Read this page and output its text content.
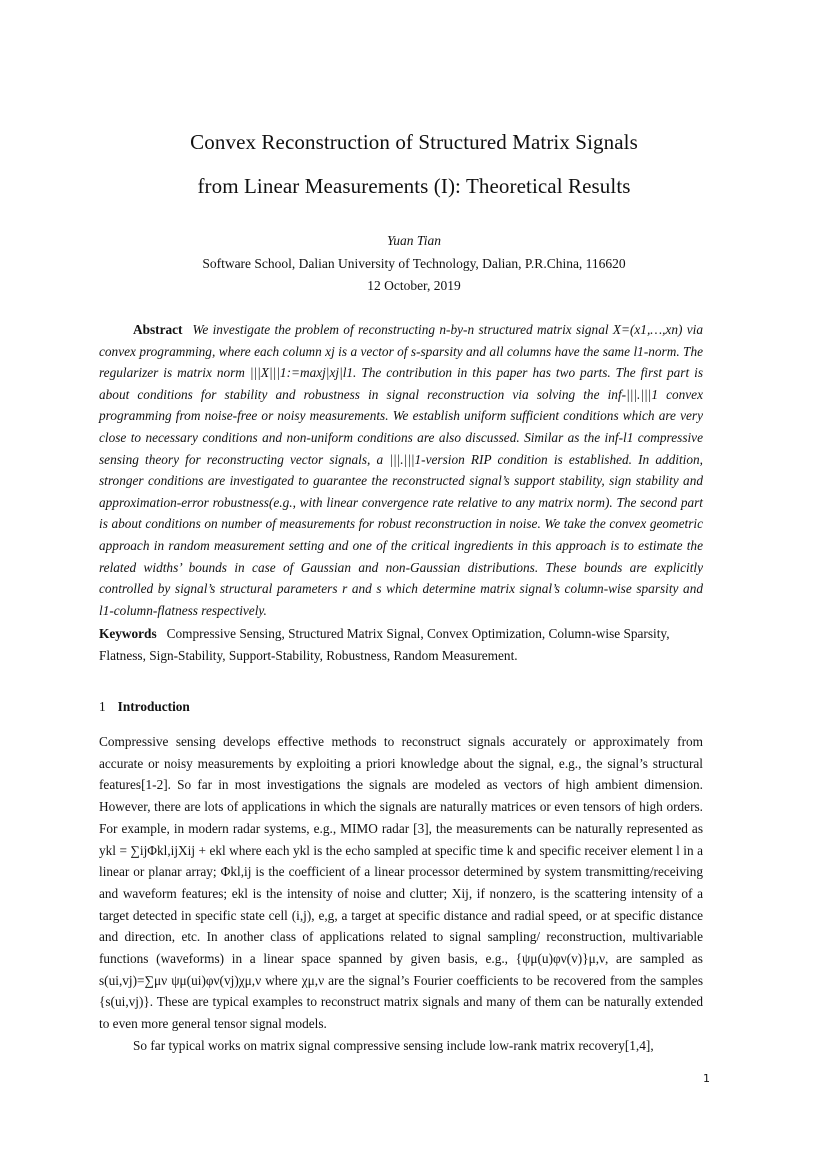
Convex Reconstruction of Structured Matrix Signals
from Linear Measurements (I): Theoretical Results
Yuan Tian
Software School, Dalian University of Technology, Dalian, P.R.China, 116620
12 October, 2019
Abstract We investigate the problem of reconstructing n-by-n structured matrix signal X=(x1,…,xn) via convex programming, where each column xj is a vector of s-sparsity and all columns have the same l1-norm. The regularizer is matrix norm |||X|||1:=maxj|xj|l1. The contribution in this paper has two parts. The first part is about conditions for stability and robustness in signal reconstruction via solving the inf-|||.|||1 convex programming from noise-free or noisy measurements. We establish uniform sufficient conditions which are very close to necessary conditions and non-uniform conditions are also discussed. Similar as the inf-l1 compressive sensing theory for reconstructing vector signals, a |||.|||1-version RIP condition is established. In addition, stronger conditions are investigated to guarantee the reconstructed signal’s support stability, sign stability and approximation-error robustness(e.g., with linear convergence rate relative to any matrix norm). The second part is about conditions on number of measurements for robust reconstruction in noise. We take the convex geometric approach in random measurement setting and one of the critical ingredients in this approach is to estimate the related widths’ bounds in case of Gaussian and non-Gaussian distributions. These bounds are explicitly controlled by signal’s structural parameters r and s which determine matrix signal’s column-wise sparsity and l1-column-flatness respectively.
Keywords Compressive Sensing, Structured Matrix Signal, Convex Optimization, Column-wise Sparsity, Flatness, Sign-Stability, Support-Stability, Robustness, Random Measurement.
1 Introduction
Compressive sensing develops effective methods to reconstruct signals accurately or approximately from accurate or noisy measurements by exploiting a priori knowledge about the signal, e.g., the signal’s structural features[1-2]. So far in most investigations the signals are modeled as vectors of high ambient dimension. However, there are lots of applications in which the signals are naturally matrices or even tensors of high orders. For example, in modern radar systems, e.g., MIMO radar [3], the measurements can be naturally represented as ykl = ∑ijΦkl,ijXij + ekl where each ykl is the echo sampled at specific time k and specific receiver element l in a linear or planar array; Φkl,ij is the coefficient of a linear processor determined by system transmitting/receiving and waveform features; ekl is the intensity of noise and clutter; Xij, if nonzero, is the scattering intensity of a target detected in specific state cell (i,j), e,g, a target at specific distance and radial speed, or at specific distance and direction, etc. In another class of applications related to signal sampling/ reconstruction, multivariable functions (waveforms) in a linear space spanned by given basis, e.g., {ψμ(u)φν(v)}μ,ν, are sampled as s(ui,vj)=∑μν ψμ(ui)φν(vj)χμ,ν where χμ,ν are the signal’s Fourier coefficients to be recovered from the samples {s(ui,vj)}. These are typical examples to reconstruct matrix signals and many of them can be naturally extended to even more general tensor signal models.
So far typical works on matrix signal compressive sensing include low-rank matrix recovery[1,4],
1
